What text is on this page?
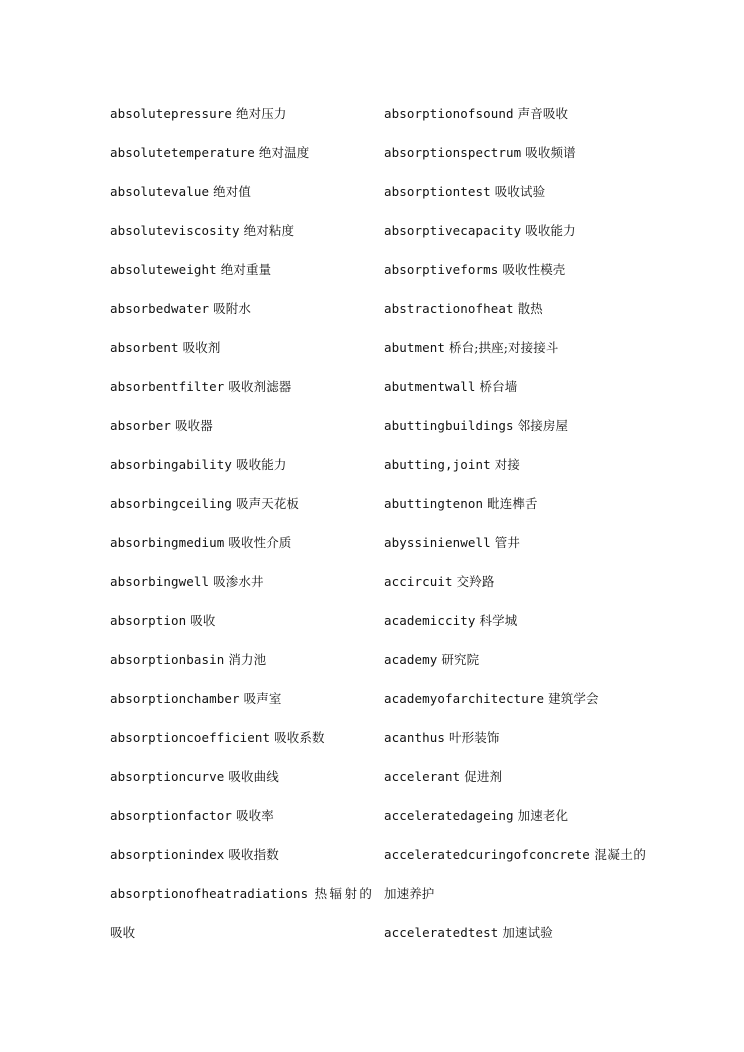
absolutepressure 绝对压力
absolutetemperature 绝对温度
absolutevalue 绝对值
absoluteviscosity 绝对粘度
absoluteweight 绝对重量
absorbedwater 吸附水
absorbent 吸收剂
absorbentfilter 吸收剂滤器
absorber 吸收器
absorbingability 吸收能力
absorbingceiling 吸声天花板
absorbingmedium 吸收性介质
absorbingwell 吸渗水井
absorption 吸收
absorptionbasin 消力池
absorptionchamber 吸声室
absorptioncoefficient 吸收系数
absorptioncurve 吸收曲线
absorptionfactor 吸收率
absorptionindex 吸收指数
absorptionofheatradiations 热辐射的吸收
absorptionofsound 声音吸收
absorptionspectrum 吸收频谱
absorptiontest 吸收试验
absorptivecapacity 吸收能力
absorptiveforms 吸收性模壳
abstractionofheat 散热
abutment 桥台;拱座;对接接斗
abutmentwall 桥台墙
abuttingbuildings 邻接房屋
abutting,joint 对接
abuttingtenon 毗连榫舌
abyssinienwell 管井
accircuit 交羚路
academiccity 科学城
academy 研究院
academyofarchitecture 建筑学会
acanthus 叶形装饰
accelerant 促进剂
acceleratedageing 加速老化
acceleratedcuringofconcrete 混凝土的加速养护
acceleratedtest 加速试验
